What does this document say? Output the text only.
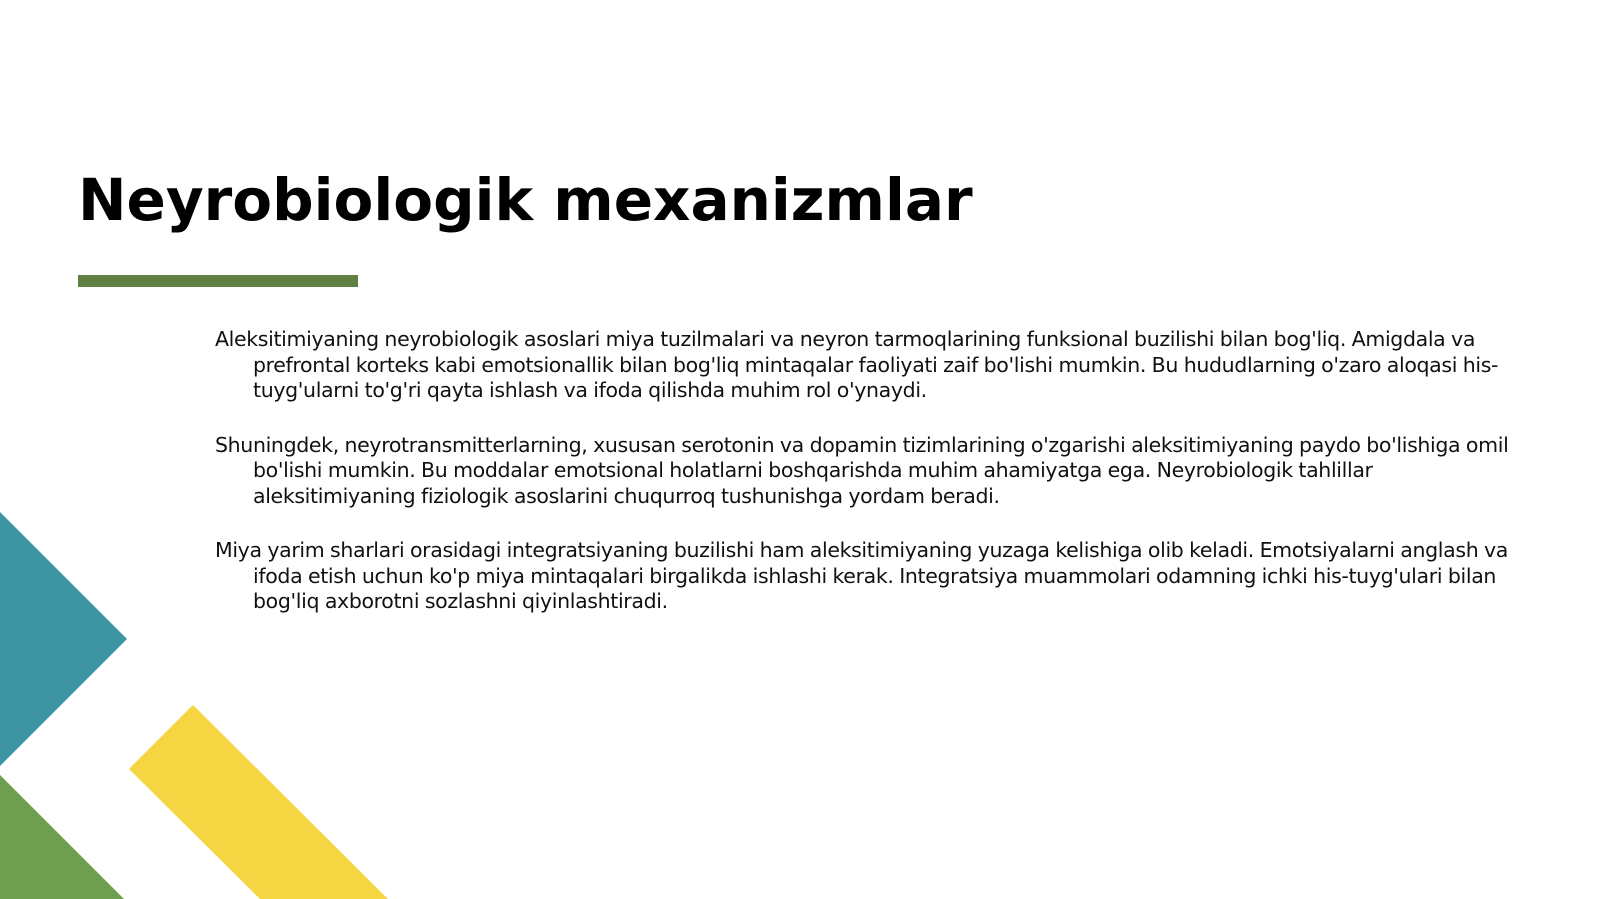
Neyrobiologik mexanizmlar

Aleksitimiyaning neyrobiologik asoslari miya tuzilmalari va neyron tarmoqlarining funksional buzilishi bilan bog'liq. Amigdala va prefrontal korteks kabi emotsionallik bilan bog'liq mintaqalar faoliyati zaif bo'lishi mumkin. Bu hududlarning o'zaro aloqasi his-tuyg'ularni to'g'ri qayta ishlash va ifoda qilishda muhim rol o'ynaydi.

Shuningdek, neyrotransmitterlarning, xususan serotonin va dopamin tizimlarining o'zgarishi aleksitimiyaning paydo bo'lishiga omil bo'lishi mumkin. Bu moddalar emotsional holatlarni boshqarishda muhim ahamiyatga ega. Neyrobiologik tahlillar aleksitimiyaning fiziologik asoslarini chuqurroq tushunishga yordam beradi.

Miya yarim sharlari orasidagi integratsiyaning buzilishi ham aleksitimiyaning yuzaga kelishiga olib keladi. Emotsiyalarni anglash va ifoda etish uchun ko'p miya mintaqalari birgalikda ishlashi kerak. Integratsiya muammolari odamning ichki his-tuyg'ulari bilan bog'liq axborotni sozlashni qiyinlashtiradi.
